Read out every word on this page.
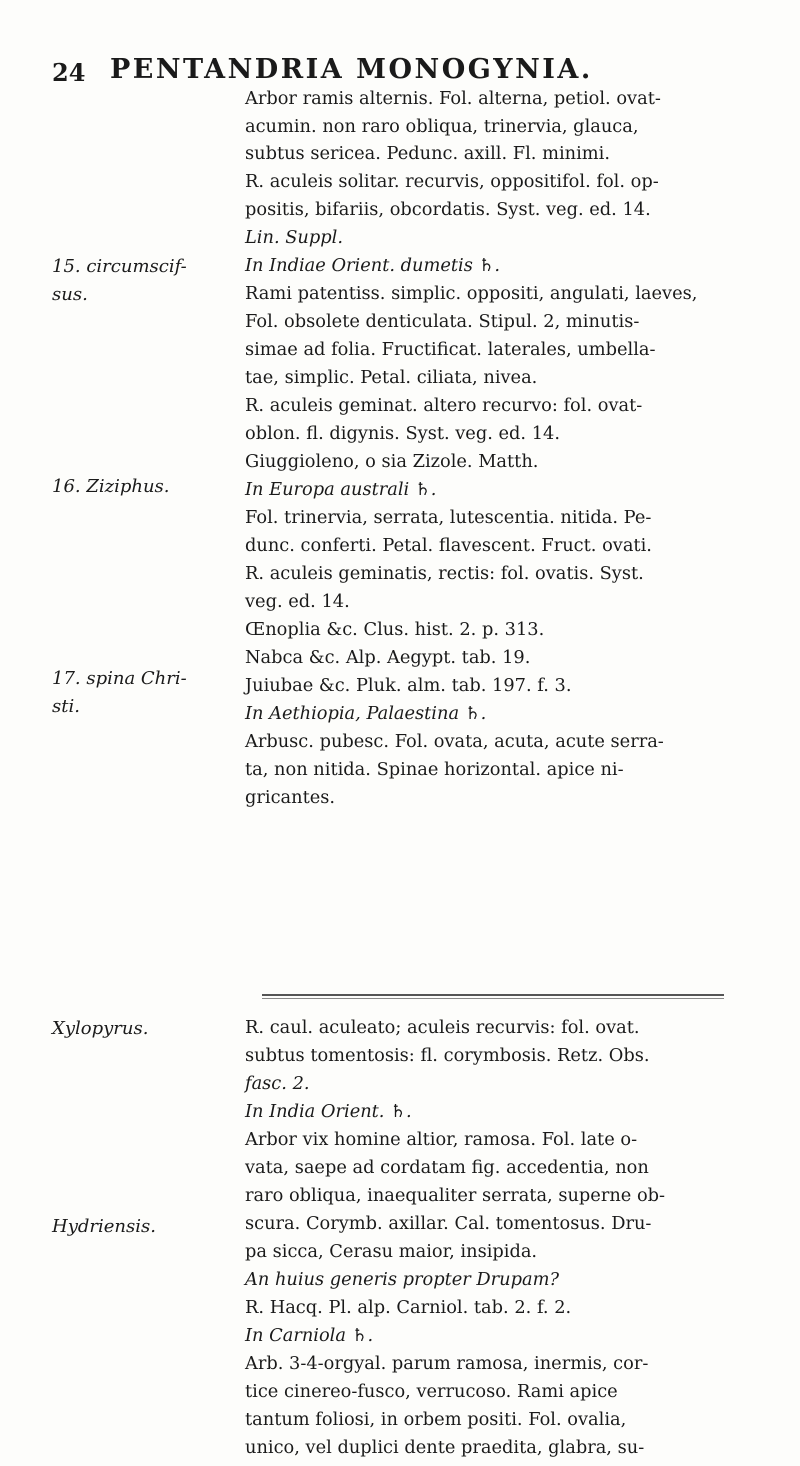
24 PENTANDRIA MONOGYNIA.
15. circumscif-
sus.
16. Ziziphus.
17. spina Chri-
sti.
Xylopyrus.
Hydriensis.
Arbor ramis alternis. Fol. alterna, petiol. ovat-
acumin. non raro obliqua, trinervia, glauca,
subtus sericea. Pedunc. axill. Fl. minimi.
R. aculeis solitar. recurvis, oppositifol. fol. op-
positis, bifariis, obcordatis. Syst. veg. ed. 14.
Lin. Suppl.
In Indiae Orient. dumetis ♄.
Rami patentiss. simplic. oppositi, angulati, laeves,
Fol. obsolete denticulata. Stipul. 2, minutis-
simae ad folia. Fructificat. laterales, umbella-
tae, simplic. Petal. ciliata, nivea.
R. aculeis geminat. altero recurvo: fol. ovat-
oblon. fl. digynis. Syst. veg. ed. 14.
Giuggioleno, o sia Zizole. Matth.
In Europa australi ♄.
Fol. trinervia, serrata, lutescentia. nitida. Pe-
dunc. conferti. Petal. flavescent. Fruct. ovati.
R. aculeis geminatis, rectis: fol. ovatis. Syst.
veg. ed. 14.
Œnoplia &c. Clus. hist. 2. p. 313.
Nabca &c. Alp. Aegypt. tab. 19.
Juiubae &c. Pluk. alm. tab. 197. f. 3.
In Aethiopia, Palaestina ♄.
Arbusc. pubesc. Fol. ovata, acuta, acute serra-
ta, non nitida. Spinae horizontal. apice ni-
gricantes.
R. caul. aculeato; aculeis recurvis: fol. ovat.
subtus tomentosis: fl. corymbosis. Retz. Obs.
fasc. 2.
In India Orient. ♄.
Arbor vix homine altior, ramosa. Fol. late o-
vata, saepe ad cordatam fig. accedentia, non
raro obliqua, inaequaliter serrata, superne ob-
scura. Corymb. axillar. Cal. tomentosus. Dru-
pa sicca, Cerasu maior, insipida.
An huius generis propter Drupam?
R. Hacq. Pl. alp. Carniol. tab. 2. f. 2.
In Carniola ♄.
Arb. 3-4-orgyal. parum ramosa, inermis, cor-
tice cinereo-fusco, verrucoso. Rami apice
tantum foliosi, in orbem positi. Fol. ovalia,
unico, vel duplici dente praedita, glabra, su-
